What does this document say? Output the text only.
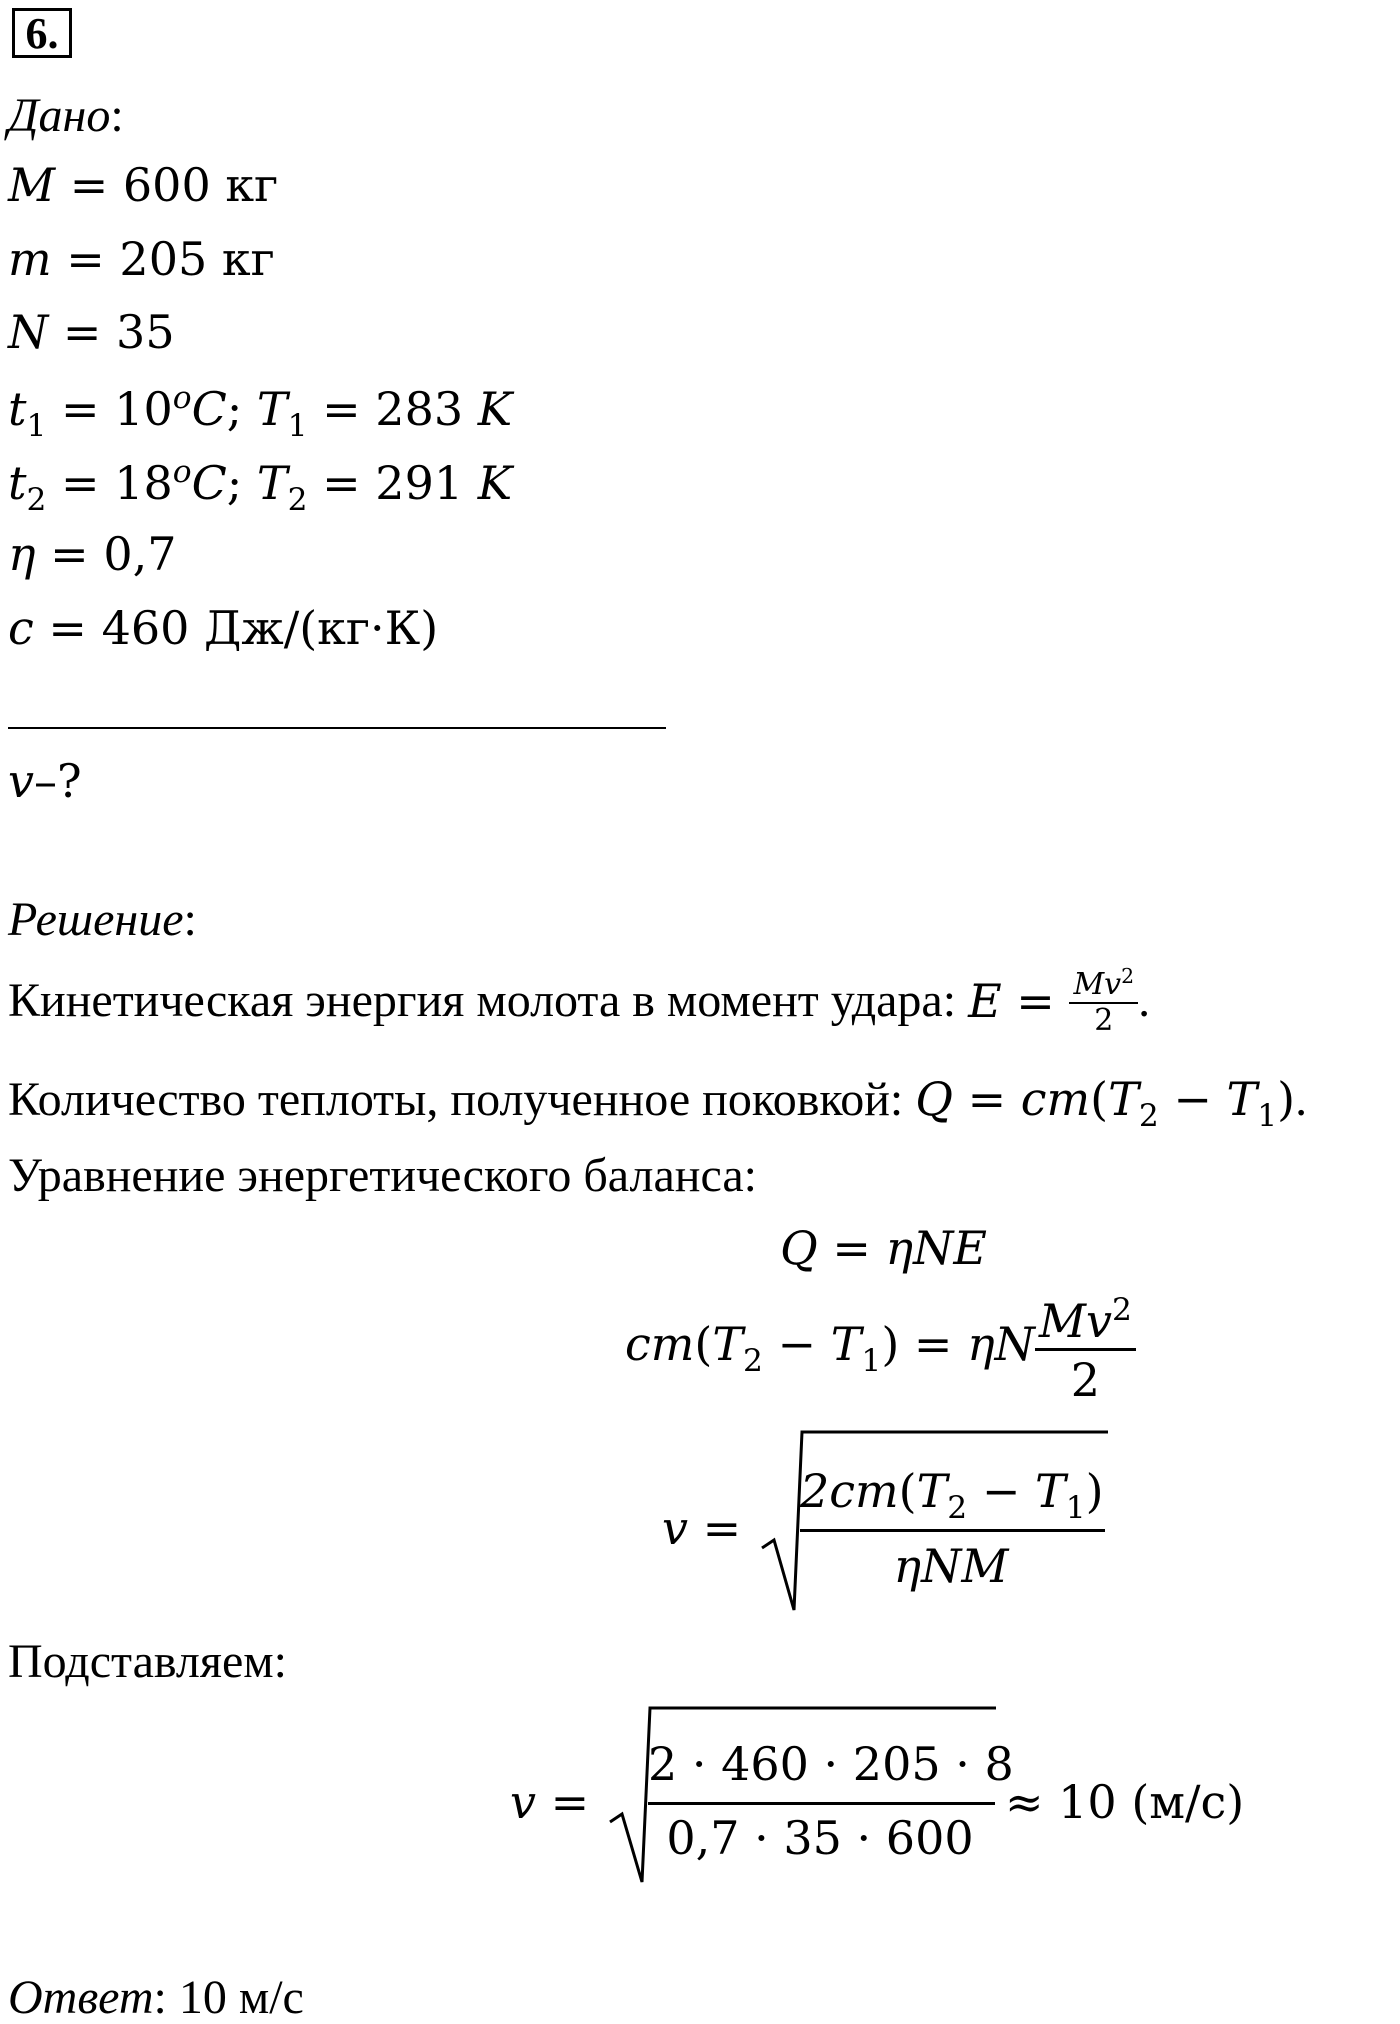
6.
Дано:
M = 600 кг
m = 205 кг
N = 35
$t_1 = 10^oC$; $T_1 = 283$ K
$t_2 = 18^oC$; $T_2 = 291$ K
η = 0,7
c = 460 Дж/(кг·К)
v–?
Решение:
Кинетическая энергия молота в момент удара: $E = \frac{Mv^2}{2}$ .
Количество теплоты, полученное поковкой: $Q = cm(T_2 - T_1)$.
Уравнение энергетического баланса:
Q = ηNE
$cm(T_2 - T_1) = \eta N \frac{Mv^2}{2}$
v =
$2cm(T_2 - T_1)$
ηNM
Подставляем:
v =
2 · 460 · 205 · 8
0,7 · 35 · 600
≈ 10 (м/с)
Ответ: 10 м/с
